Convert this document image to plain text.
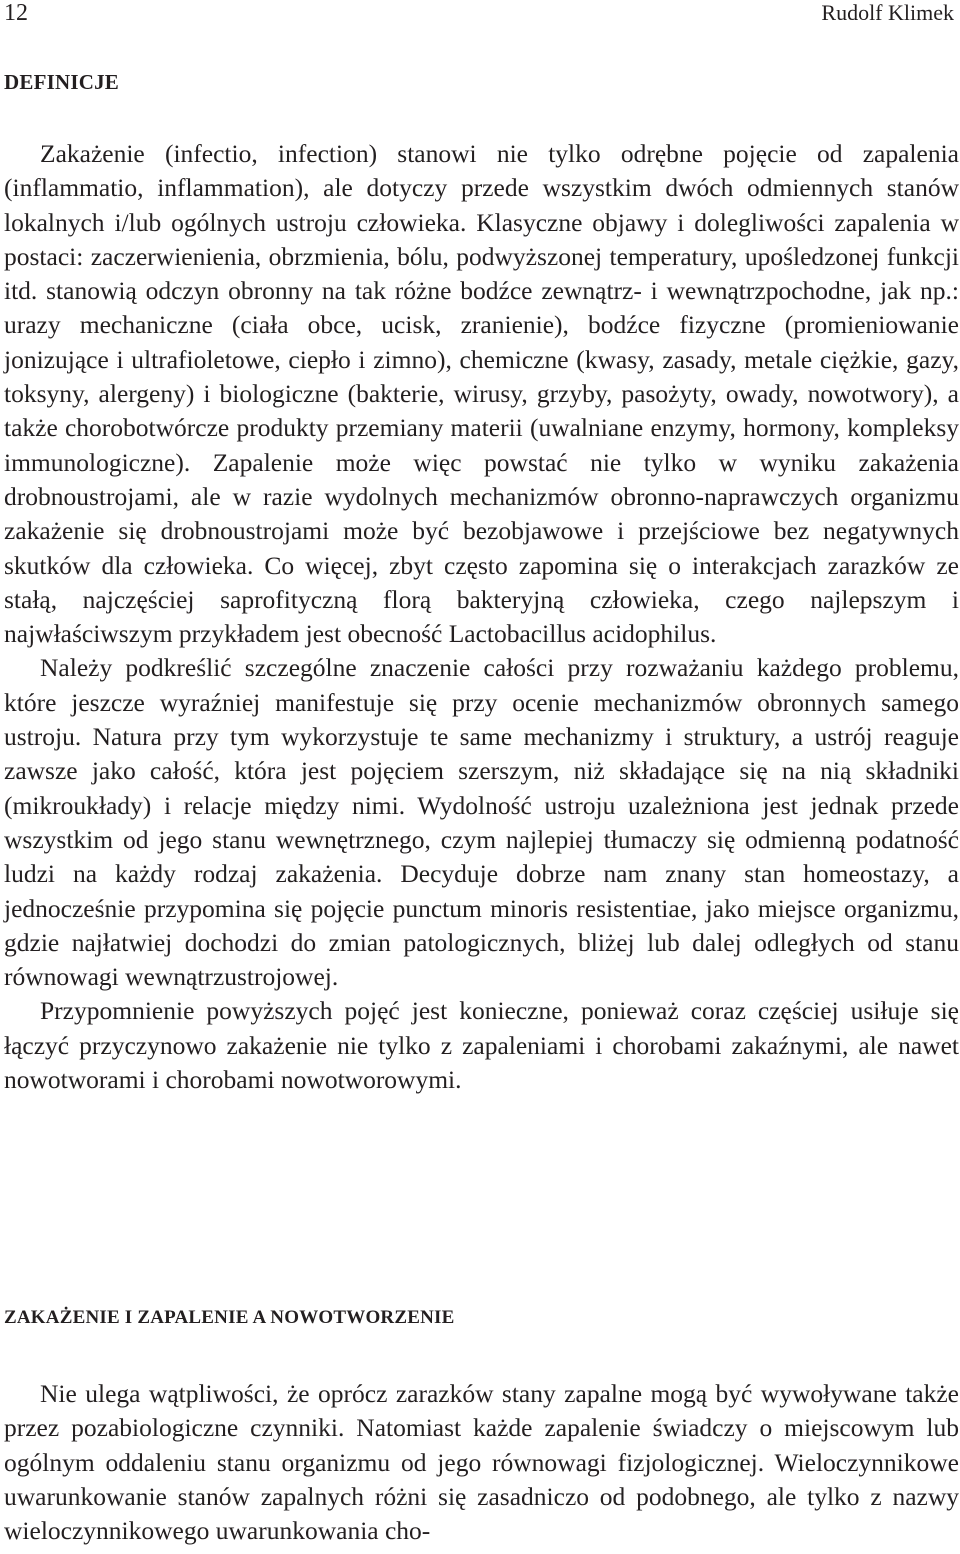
12	Rudolf Klimek
DEFINICJE

Zakażenie (infectio, infection) stanowi nie tylko odrębne pojęcie od zapalenia (inflammatio, inflammation), ale dotyczy przede wszystkim dwóch odmiennych stanów lokalnych i/lub ogólnych ustroju człowieka. Klasyczne objawy i dolegliwości zapalenia w postaci: zaczerwienienia, obrzmienia, bólu, podwyższonej temperatury, upośledzonej funkcji itd. stanowią odczyn obronny na tak różne bodźce zewnątrz- i wewnątrzpochodne, jak np.: urazy mechaniczne (ciała obce, ucisk, zranienie), bodźce fizyczne (promieniowanie jonizujące i ultrafioletowe, ciepło i zimno), chemiczne (kwasy, zasady, metale ciężkie, gazy, toksyny, alergeny) i biologiczne (bakterie, wirusy, grzyby, pasożyty, owady, nowotwory), a także chorobotwórcze produkty przemiany materii (uwalniane enzymy, hormony, kompleksy immunologiczne). Zapalenie może więc powstać nie tylko w wyniku zakażenia drobnoustrojami, ale w razie wydolnych mechanizmów obronno-naprawczych organizmu zakażenie się drobnoustrojami może być bezobjawowe i przejściowe bez negatywnych skutków dla człowieka. Co więcej, zbyt często zapomina się o interakcjach zarazków ze stałą, najczęściej saprofityczną florą bakteryjną człowieka, czego najlepszym i najwłaściwszym przykładem jest obecność Lactobacillus acidophilus.

Należy podkreślić szczególne znaczenie całości przy rozważaniu każdego problemu, które jeszcze wyraźniej manifestuje się przy ocenie mechanizmów obronnych samego ustroju. Natura przy tym wykorzystuje te same mechanizmy i struktury, a ustrój reaguje zawsze jako całość, która jest pojęciem szerszym, niż składające się na nią składniki (mikroukłady) i relacje między nimi. Wydolność ustroju uzależniona jest jednak przede wszystkim od jego stanu wewnętrznego, czym najlepiej tłumaczy się odmienną podatność ludzi na każdy rodzaj zakażenia. Decyduje dobrze nam znany stan homeostazy, a jednocześnie przypomina się pojęcie punctum minoris resistentiae, jako miejsce organizmu, gdzie najłatwiej dochodzi do zmian patologicznych, bliżej lub dalej odległych od stanu równowagi wewnątrzustrojowej.

Przypomnienie powyższych pojęć jest konieczne, ponieważ coraz częściej usiłuje się łączyć przyczynowo zakażenie nie tylko z zapaleniami i chorobami zakaźnymi, ale nawet nowotworami i chorobami nowotworowymi.

ZAKAŻENIE I ZAPALENIE A NOWOTWORZENIE

Nie ulega wątpliwości, że oprócz zarazków stany zapalne mogą być wywoływane także przez pozabiologiczne czynniki. Natomiast każde zapalenie świadczy o miejscowym lub ogólnym oddaleniu stanu organizmu od jego równowagi fizjologicznej. Wieloczynnikowe uwarunkowanie stanów zapalnych różni się zasadniczo od podobnego, ale tylko z nazwy wieloczynnikowego uwarunkowania cho-
